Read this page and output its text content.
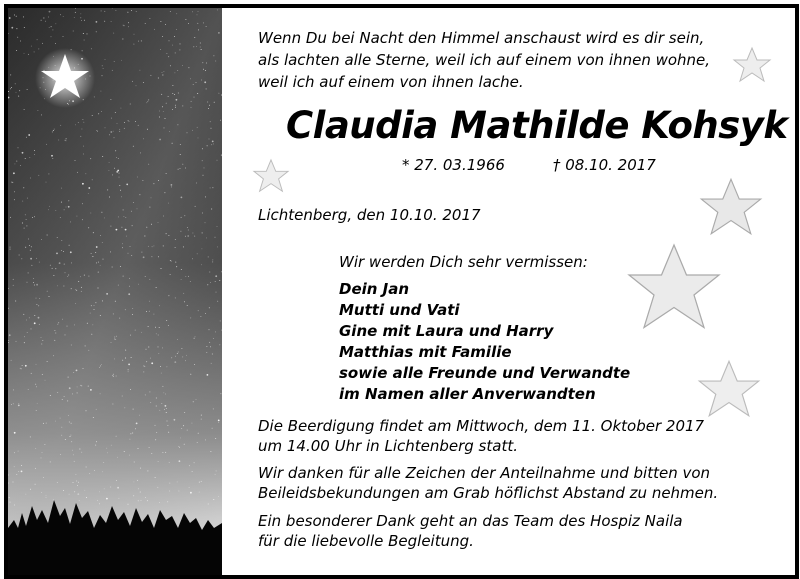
Wenn Du bei Nacht den Himmel anschaust wird es dir sein,
als lachten alle Sterne, weil ich auf einem von ihnen wohne,
weil ich auf einem von ihnen lache.
Claudia Mathilde Kohsyk
* 27. 03.1966	† 08.10. 2017
Lichtenberg, den 10.10. 2017
Wir werden Dich sehr vermissen:
Dein Jan
Mutti und Vati
Gine mit Laura und Harry
Matthias mit Familie
sowie alle Freunde und Verwandte
im Namen aller Anverwandten
Die Beerdigung findet am Mittwoch, dem 11. Oktober 2017
um 14.00 Uhr in Lichtenberg statt.
Wir danken für alle Zeichen der Anteilnahme und bitten von
Beileidsbekundungen am Grab höflichst Abstand zu nehmen.
Ein besonderer Dank geht an das Team des Hospiz Naila
für die liebevolle Begleitung.
